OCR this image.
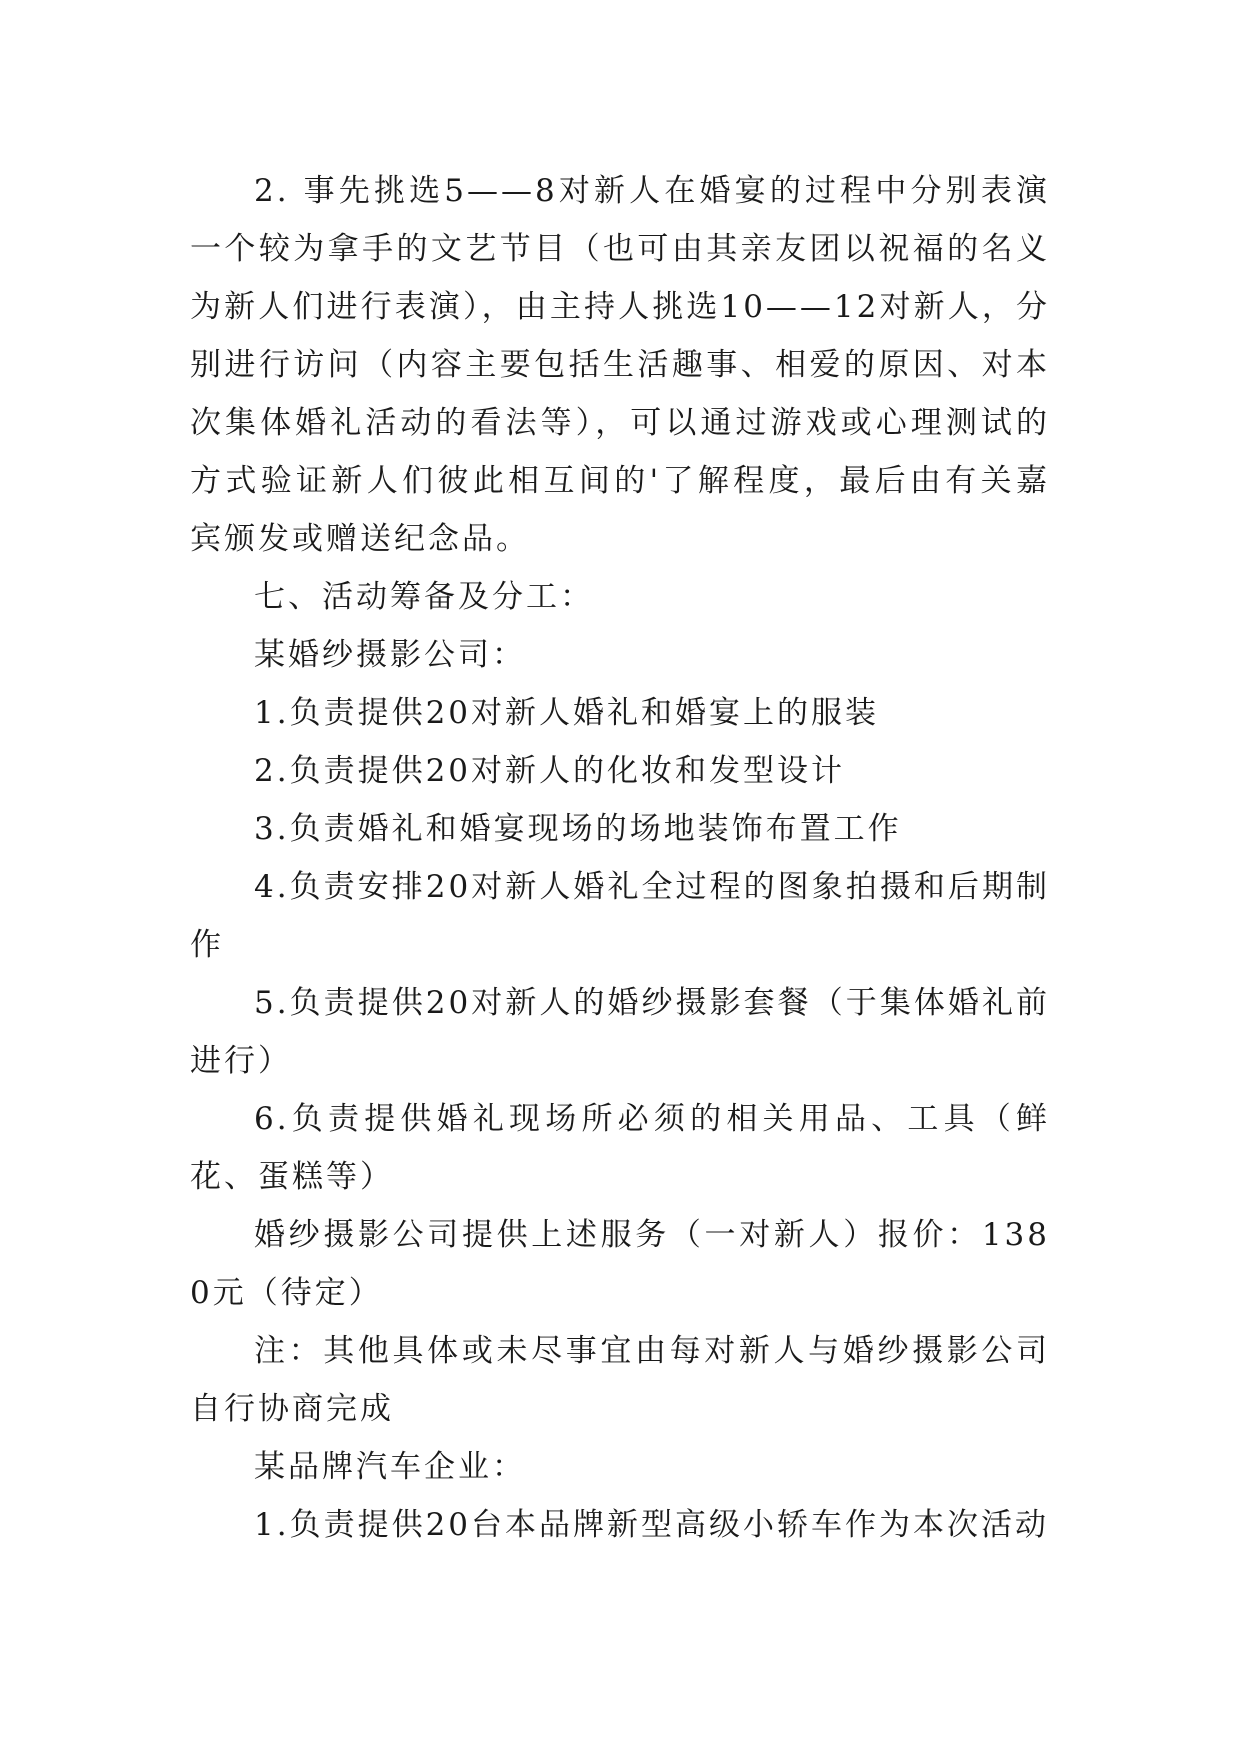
2. 事先挑选5——8对新人在婚宴的过程中分别表演一个较为拿手的文艺节目（也可由其亲友团以祝福的名义为新人们进行表演），由主持人挑选10——12对新人，分别进行访问（内容主要包括生活趣事、相爱的原因、对本次集体婚礼活动的看法等），可以通过游戏或心理测试的方式验证新人们彼此相互间的'了解程度，最后由有关嘉宾颁发或赠送纪念品。

七、活动筹备及分工：

某婚纱摄影公司：

1.负责提供20对新人婚礼和婚宴上的服装

2.负责提供20对新人的化妆和发型设计

3.负责婚礼和婚宴现场的场地装饰布置工作

4.负责安排20对新人婚礼全过程的图象拍摄和后期制作

5.负责提供20对新人的婚纱摄影套餐（于集体婚礼前进行）

6.负责提供婚礼现场所必须的相关用品、工具（鲜花、蛋糕等）

婚纱摄影公司提供上述服务（一对新人）报价：1380元（待定）

注：其他具体或未尽事宜由每对新人与婚纱摄影公司自行协商完成

某品牌汽车企业：

1.负责提供20台本品牌新型高级小轿车作为本次活动
